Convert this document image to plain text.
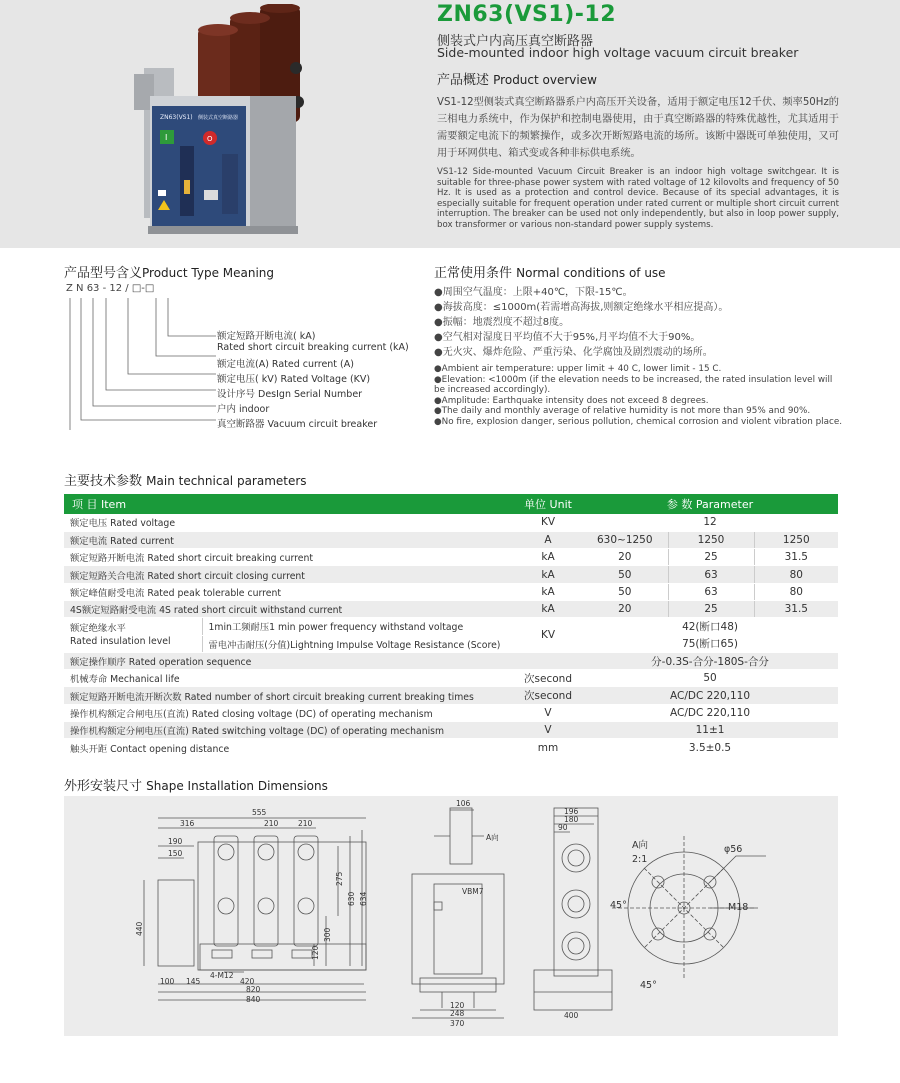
ZN63(VS1) 侧装式真空断路器
I	O
ZN63(VS1)-12
侧装式户内高压真空断路器
Side-mounted indoor high voltage vacuum circuit breaker
产品概述 Product overview
VS1-12型侧装式真空断路器系户内高压开关设备，适用于额定电压12千伏、频率50Hz的三相电力系统中，作为保护和控制电器使用，由于真空断路器的特殊优越性，尤其适用于需要额定电流下的频繁操作，或多次开断短路电流的场所。该断中器既可单独使用，又可用于环网供电、箱式变或各种非标供电系统。
VS1-12 Side-mounted Vacuum Circuit Breaker is an indoor high voltage switchgear. It is suitable for three-phase power system with rated voltage of 12 kilovolts and frequency of 50 Hz. It is used as a protection and control device. Because of its special advantages, it is especially suitable for frequent operation under rated current or multiple short circuit current interruption. The breaker can be used not only independently, but also in loop power supply, box transformer or various non-standard power supply systems.
产品型号含义Product Type Meaning
Z N 63 - 12 / □-□
额定短路开断电流( kA)
Rated short circuit breaking current (kA)
额定电流(A) Rated current (A)
额定电压( kV) Rated Voltage (KV)
设计序号 DesIgn Serial Number
户内 indoor
真空断路器 Vacuum circuit breaker
正常使用条件 Normal conditions of use
●周围空气温度：上限+40℃，下限-15℃。
●海拔高度：≤1000m(若需增高海拔,则额定绝缘水平相应提高）。
●振幅：地震烈度不超过8度。
●空气相对湿度日平均值不大于95%,月平均值不大于90%。
●无火灾、爆炸危险、严重污染、化学腐蚀及剧烈震动的场所。
●Ambient air temperature: upper limit + 40 C, lower limit - 15 C.
●Elevation: <1000m (if the elevation needs to be increased, the rated insulation level will be increased accordingly).
●Amplitude: Earthquake intensity does not exceed 8 degrees.
●The daily and monthly average of relative humidity is not more than 95% and 90%.
●No fire, explosion danger, serious pollution, chemical corrosion and violent vibration place.
主要技术参数 Main technical parameters
项 目 Item		单位 Unit	参 数 Parameter		
额定电压 Rated voltage		KV	12		
额定电流 Rated current		A	630~1250	1250	1250
额定短路开断电流 Rated short circuit breaking current		kA	20	25	31.5
额定短路关合电流 Rated short circuit closing current		kA	50	63	80
额定峰值耐受电流 Rated peak tolerable current		kA	50	63	80
4S额定短路耐受电流 4S rated short circuit withstand current		kA	20	25	31.5

额定绝缘水平
Rated insulation level	1min工频耐压1 min power frequency withstand voltage	KV	42(断口48)		
	雷电冲击耐压(分值)Lightning Impulse Voltage Resistance (Score)		75(断口65)		
额定操作顺序 Rated operation sequence			分-0.3S-合分-180S-合分		
机械寿命 Mechanical life		次second	50		
额定短路开断电流开断次数 Rated number of short circuit breaking current breaking times		次second	AC/DC 220,110		
操作机构额定合闸电压(直流) Rated closing voltage (DC) of operating mechanism		V	AC/DC 220,110		
操作机构额定分闸电压(直流) Rated switching voltage (DC) of operating mechanism		V	11±1		
触头开距 Contact opening distance		mm	3.5±0.5		
外形安装尺寸 Shape Installation Dimensions
555
316	210	210
190
150
440
275
630 634
300
120
4-M12
100 145	420
820
840
106
A向
VBM7
120
248
370
196
180
90
400
A向
2:1
φ56
45°	M18
45°
